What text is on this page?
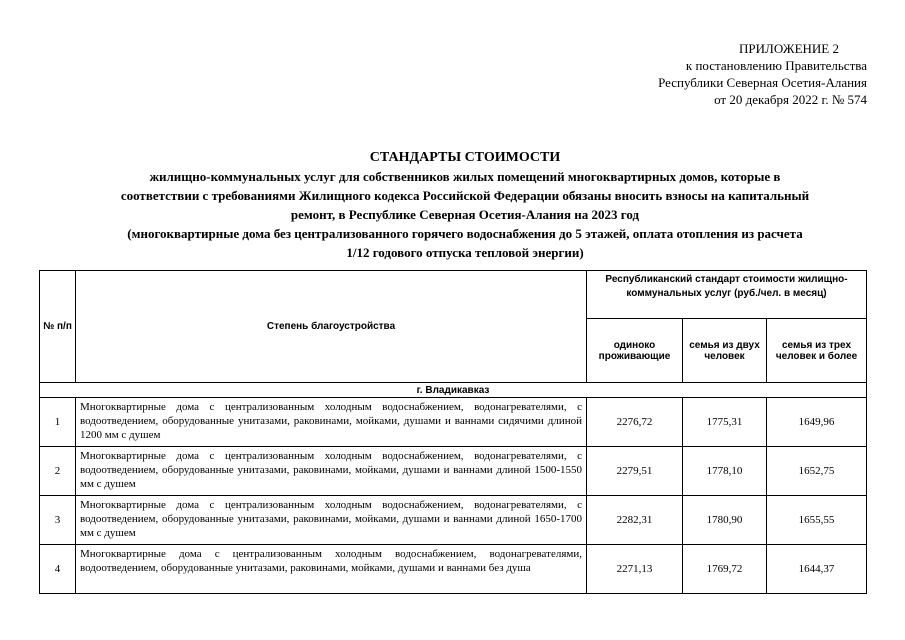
ПРИЛОЖЕНИЕ 2
к постановлению Правительства
Республики Северная Осетия-Алания
от 20 декабря 2022 г. № 574
СТАНДАРТЫ СТОИМОСТИ
жилищно-коммунальных услуг для собственников жилых помещений многоквартирных домов, которые в
соответствии с требованиями Жилищного кодекса Российской Федерации обязаны вносить взносы на капитальный
ремонт, в Республике Северная Осетия-Алания на 2023 год
(многоквартирные дома без централизованного горячего водоснабжения до 5 этажей, оплата отопления из расчета
1/12 годового отпуска тепловой энергии)
№ п/п	Степень благоустройства	Республиканский стандарт стоимости жилищно-коммунальных услуг (руб./чел. в месяц)		
		одиноко проживающие	семья из двух человек	семья из трех человек и более
г. Владикавказ				
1	Многоквартирные дома с централизованным холодным водоснабжением, водонагревателями, с водоотведением, оборудованные унитазами, раковинами, мойками, душами и ваннами сидячими длиной 1200 мм с душем	2276,72	1775,31	1649,96
2	Многоквартирные дома с централизованным холодным водоснабжением, водонагревателями, с водоотведением, оборудованные унитазами, раковинами, мойками, душами и ваннами длиной 1500-1550 мм с душем	2279,51	1778,10	1652,75
3	Многоквартирные дома с централизованным холодным водоснабжением, водонагревателями, с водоотведением, оборудованные унитазами, раковинами, мойками, душами и ваннами длиной 1650-1700 мм с душем	2282,31	1780,90	1655,55
4	Многоквартирные дома с централизованным холодным водоснабжением, водонагревателями, водоотведением, оборудованные унитазами, раковинами, мойками, душами и ваннами без душа	2271,13	1769,72	1644,37
